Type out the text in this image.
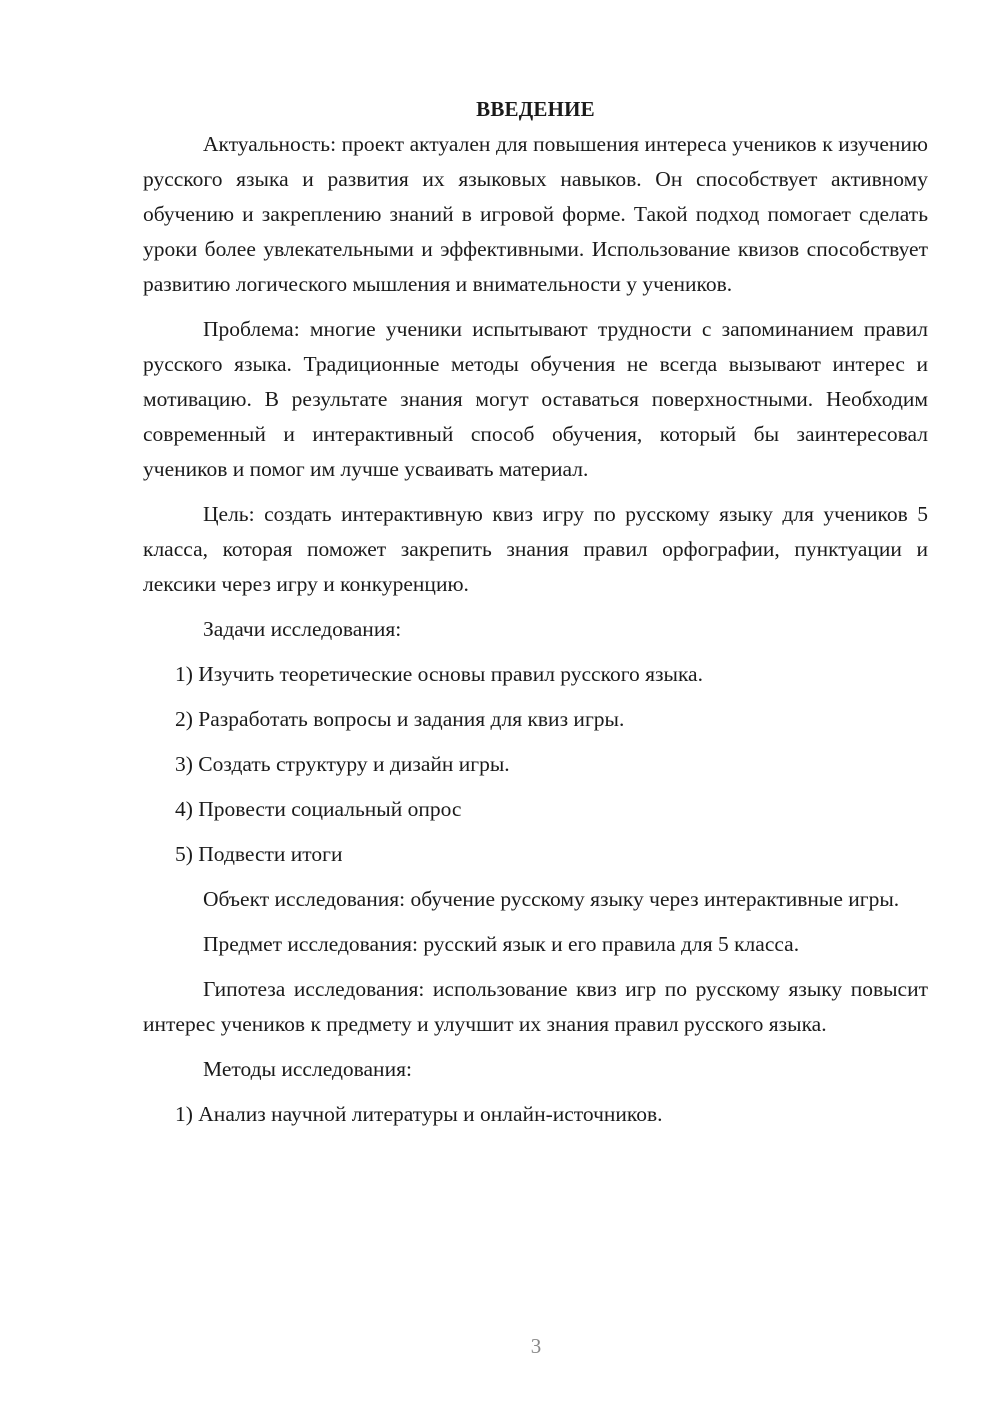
ВВЕДЕНИЕ

Актуальность: проект актуален для повышения интереса учеников к изучению русского языка и развития их языковых навыков. Он способствует активному обучению и закреплению знаний в игровой форме. Такой подход помогает сделать уроки более увлекательными и эффективными. Использование квизов способствует развитию логического мышления и внимательности у учеников.

Проблема: многие ученики испытывают трудности с запоминанием правил русского языка. Традиционные методы обучения не всегда вызывают интерес и мотивацию. В результате знания могут оставаться поверхностными. Необходим современный и интерактивный способ обучения, который бы заинтересовал учеников и помог им лучше усваивать материал.

Цель: создать интерактивную квиз игру по русскому языку для учеников 5 класса, которая поможет закрепить знания правил орфографии, пунктуации и лексики через игру и конкуренцию.

Задачи исследования:

1) Изучить теоретические основы правил русского языка.
2) Разработать вопросы и задания для квиз игры.
3) Создать структуру и дизайн игры.
4) Провести социальный опрос
5) Подвести итоги

Объект исследования: обучение русскому языку через интерактивные игры.

Предмет исследования: русский язык и его правила для 5 класса.

Гипотеза исследования: использование квиз игр по русскому языку повысит интерес учеников к предмету и улучшит их знания правил русского языка.

Методы исследования:

1) Анализ научной литературы и онлайн-источников.
3
